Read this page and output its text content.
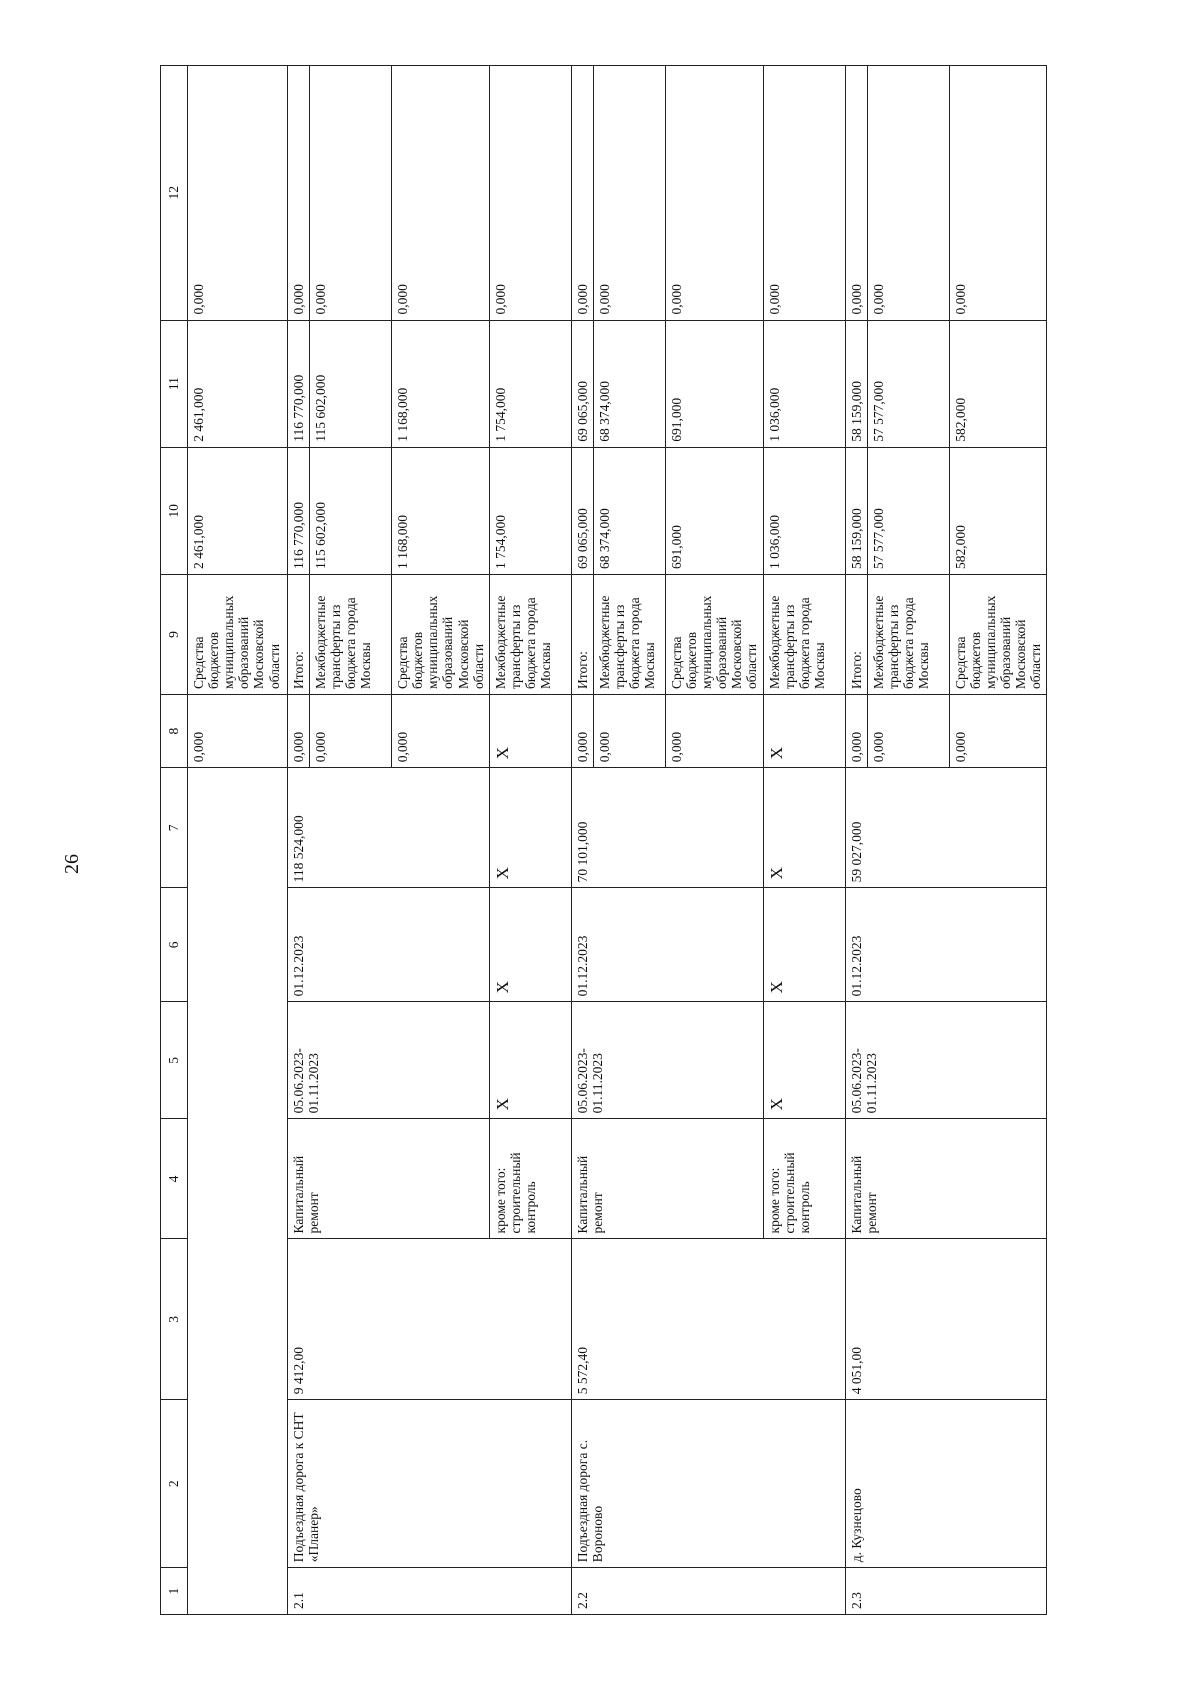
26
1	2	3	4	5	6	7	8	9	10	11	12
							0,000	Средства бюджетов муниципальных образований Московской области	2 461,000	2 461,000	0,000
2.1	Подъездная дорога к СНТ «Планер»	9 412,00	Капитальный ремонт	05.06.2023-01.11.2023	01.12.2023	118 524,000	0,000	Итого:	116 770,000	116 770,000	0,000
							0,000	Межбюджетные трансферты из бюджета города Москвы	115 602,000	115 602,000	0,000
							0,000	Средства бюджетов муниципальных образований Московской области	1 168,000	1 168,000	0,000
			кроме того: строительный контроль	X	X	X	X	Межбюджетные трансферты из бюджета города Москвы	1 754,000	1 754,000	0,000
2.2	Подъездная дорога с. Вороново	5 572,40	Капитальный ремонт	05.06.2023-01.11.2023	01.12.2023	70 101,000	0,000	Итого:	69 065,000	69 065,000	0,000
							0,000	Межбюджетные трансферты из бюджета города Москвы	68 374,000	68 374,000	0,000
							0,000	Средства бюджетов муниципальных образований Московской области	691,000	691,000	0,000
			кроме того: строительный контроль	X	X	X	X	Межбюджетные трансферты из бюджета города Москвы	1 036,000	1 036,000	0,000
2.3	д. Кузнецово	4 051,00	Капитальный ремонт	05.06.2023-01.11.2023	01.12.2023	59 027,000	0,000	Итого:	58 159,000	58 159,000	0,000
							0,000	Межбюджетные трансферты из бюджета города Москвы	57 577,000	57 577,000	0,000
							0,000	Средства бюджетов муниципальных образований Московской области	582,000	582,000	0,000
